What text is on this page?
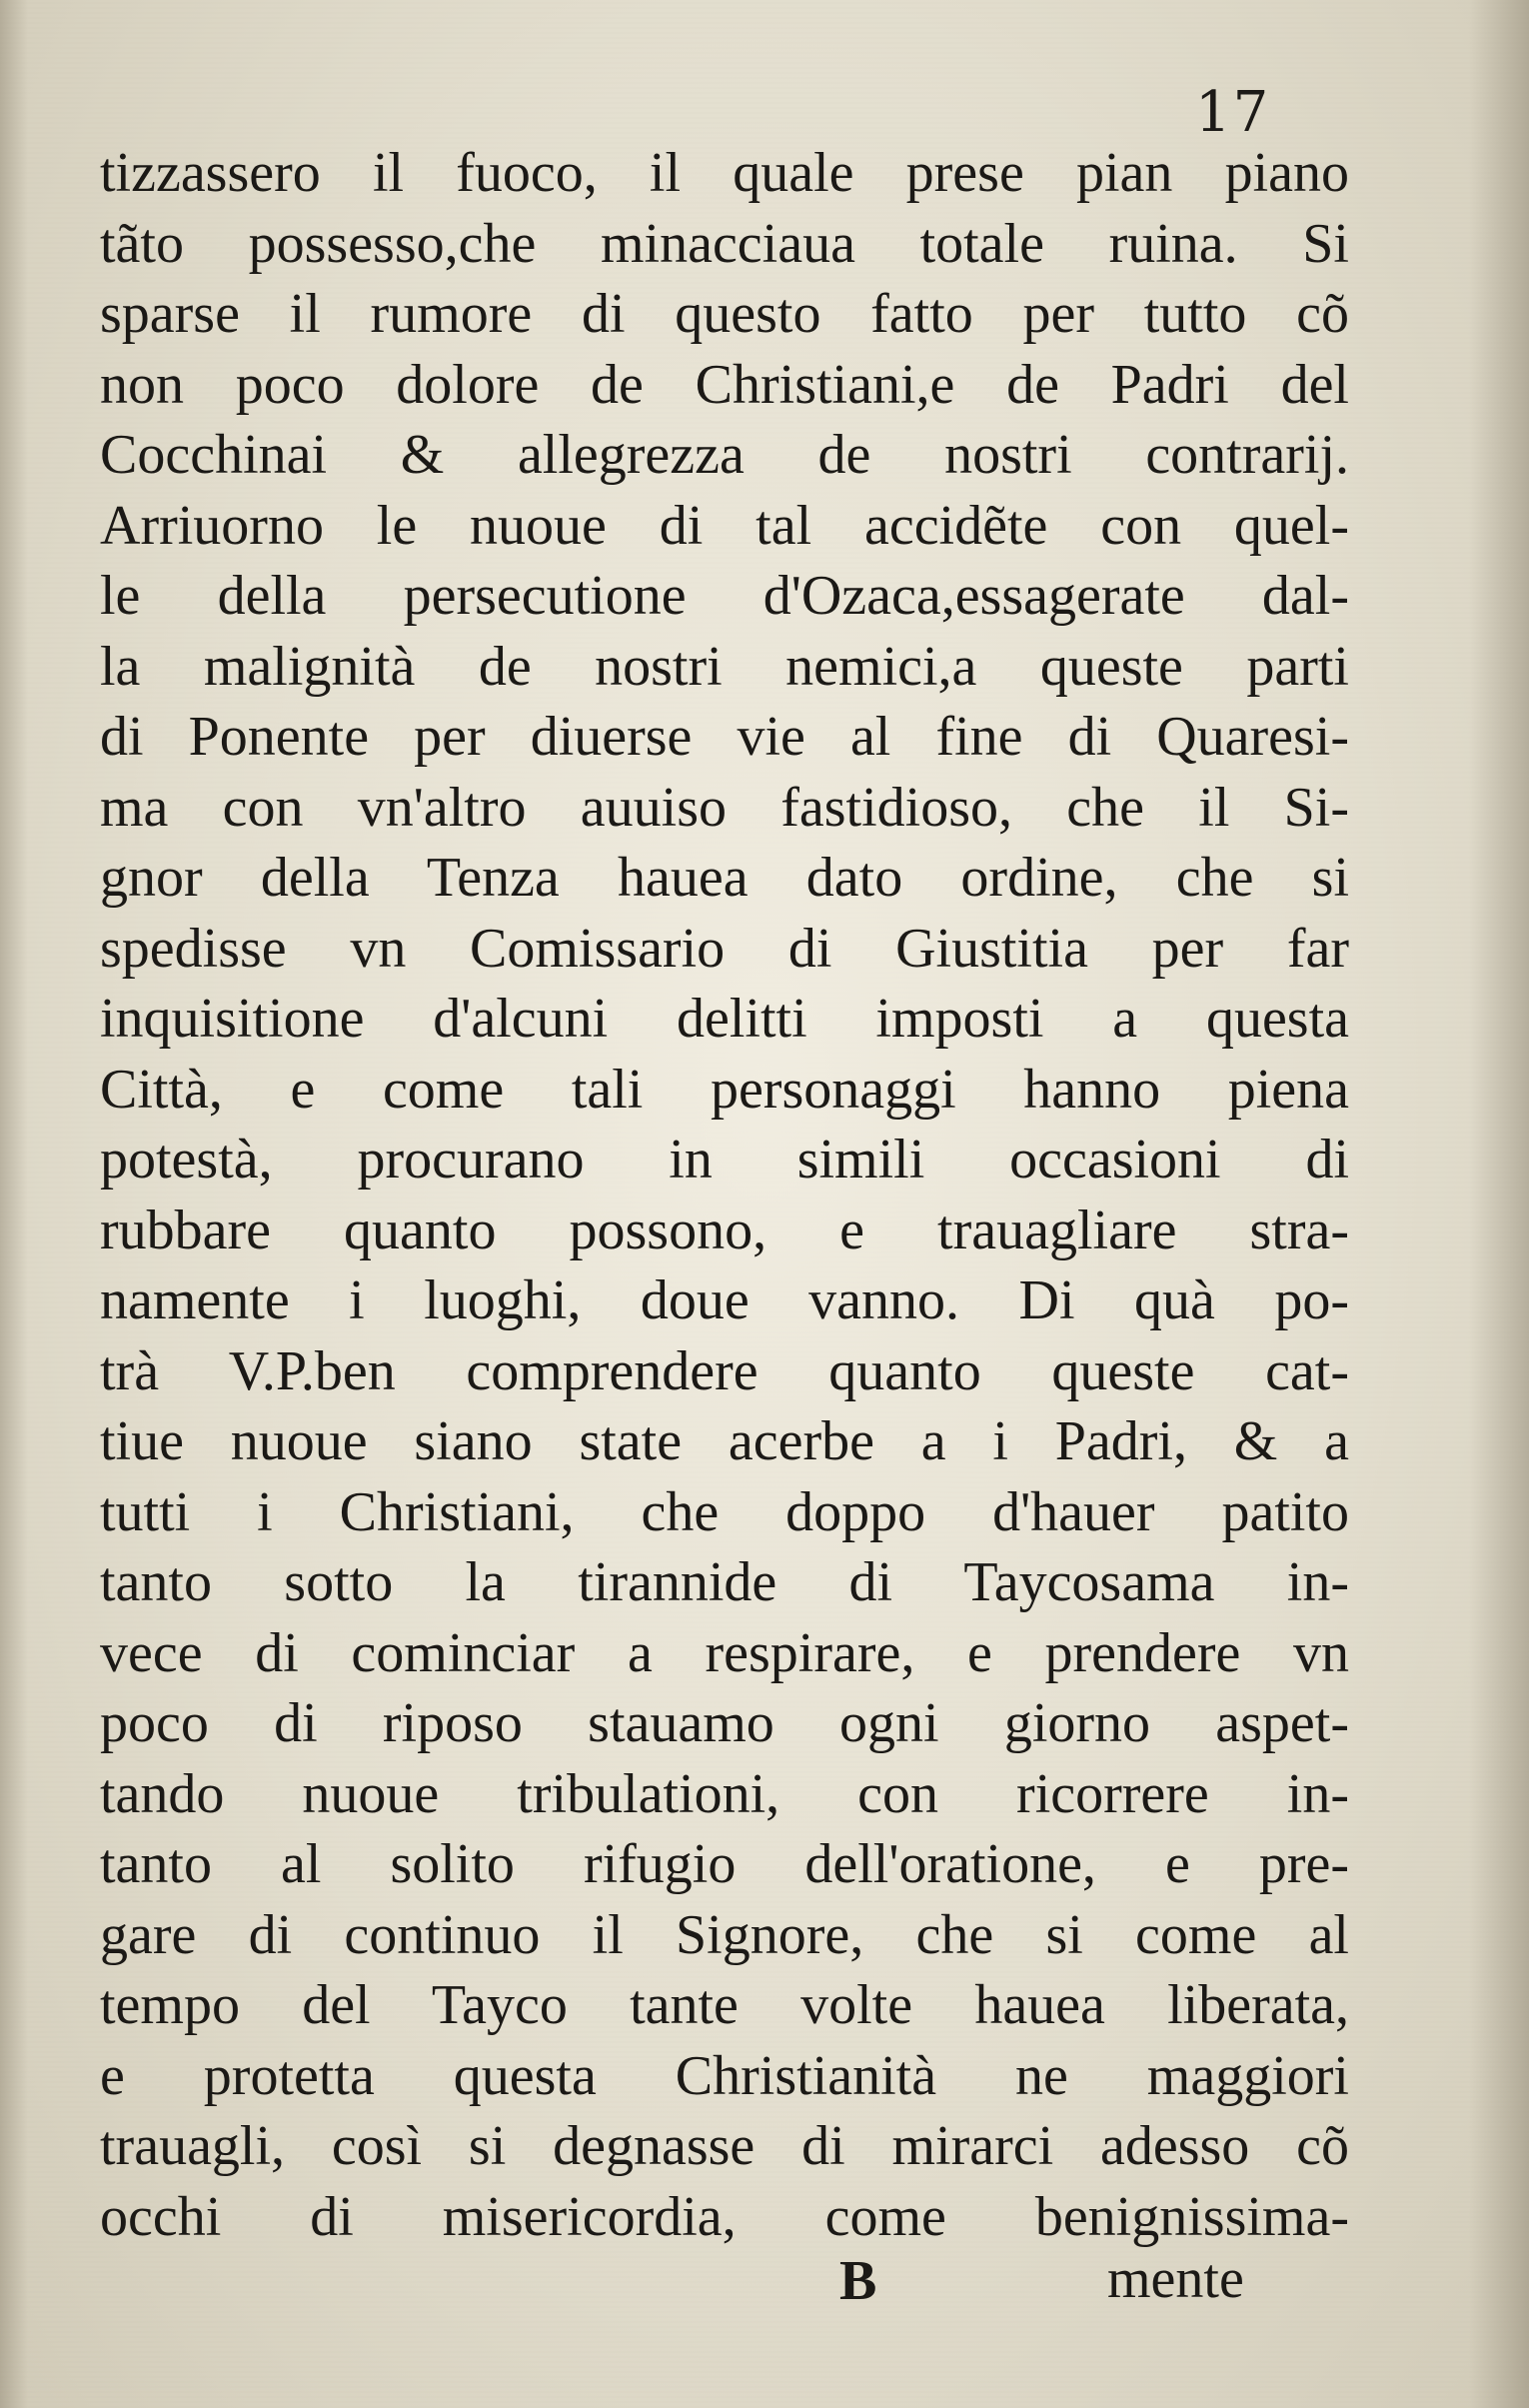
17
tizzassero il fuoco, il quale prese pian piano
tãto possesso,che minacciaua totale ruina. Si
sparse il rumore di questo fatto per tutto cõ
non poco dolore de Christiani,e de Padri del
Cocchinai & allegrezza de nostri contrarij.
Arriuorno le nuoue di tal accidẽte con quel-
le della persecutione d'Ozaca,essagerate dal-
la malignità de nostri nemici,a queste parti
di Ponente per diuerse vie al fine di Quaresi-
ma con vn'altro auuiso fastidioso, che il Si-
gnor della Tenza hauea dato ordine, che si
spedisse vn Comissario di Giustitia per far
inquisitione d'alcuni delitti imposti a questa
Città, e come tali personaggi hanno piena
potestà, procurano in simili occasioni di
rubbare quanto possono, e trauagliare stra-
namente i luoghi, doue vanno. Di quà po-
trà V.P.ben comprendere quanto queste cat-
tiue nuoue siano state acerbe a i Padri, & a
tutti i Christiani, che doppo d'hauer patito
tanto sotto la tirannide di Taycosama in-
vece di cominciar a respirare, e prendere vn
poco di riposo stauamo ogni giorno aspet-
tando nuoue tribulationi, con ricorrere in-
tanto al solito rifugio dell'oratione, e pre-
gare di continuo il Signore, che si come al
tempo del Tayco tante volte hauea liberata,
e protetta questa Christianità ne maggiori
trauagli, così si degnasse di mirarci adesso cõ
occhi di misericordia, come benignissima-
B	mente
